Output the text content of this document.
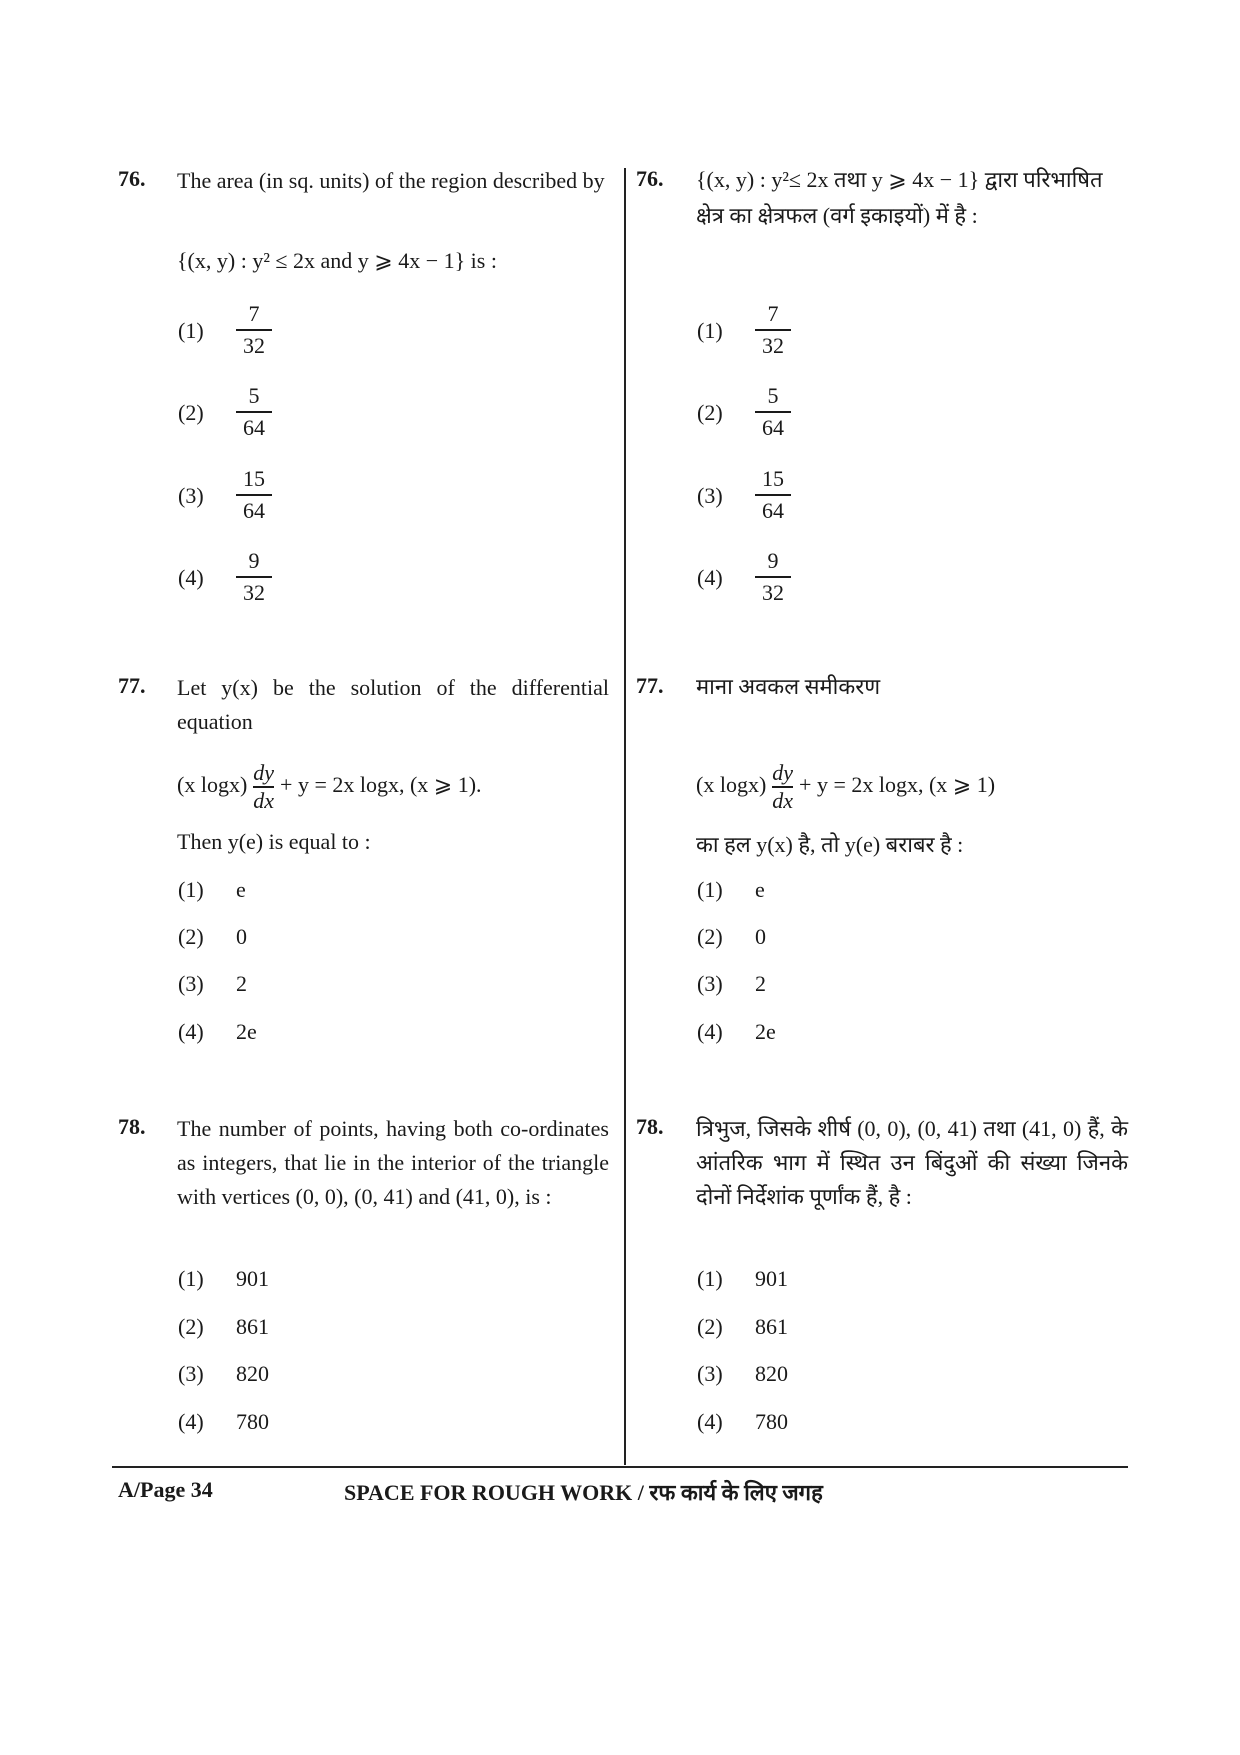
76. The area (in sq. units) of the region described by
{(x, y) : y² ≤ 2x and y ⩾ 4x − 1} is :
(1)
7
32
(2)
5
64
(3)
15
64
(4)
9
32
77. Let y(x) be the solution of the differential equation
(x $\log x) \frac{dy}{dx} + y = 2x$ logx, (x ⩾ 1).
Then y(e) is equal to :
(1) e
(2) 0
(3) 2
(4) 2e
78. The number of points, having both co-ordinates as integers, that lie in the interior of the triangle with vertices (0, 0), (0, 41) and (41, 0), is :
(1) 901
(2) 861
(3) 820
(4) 780
76. {(x, y) : y²≤ 2x तथा y ⩾ 4x − 1} द्वारा परिभाषित
क्षेत्र का क्षेत्रफल (वर्ग इकाइयों) में है :
(1)
7
32
(2)
5
64
(3)
15
64
(4)
9
32
77. माना अवकल समीकरण
(x $\log x) \frac{dy}{dx} + y = 2x$ logx, (x ⩾ 1)
का हल y(x) है, तो y(e) बराबर है :
(1) e
(2) 0
(3) 2
(4) 2e
78. त्रिभुज, जिसके शीर्ष (0, 0), (0, 41) तथा (41, 0) हैं, के आंतरिक भाग में स्थित उन बिंदुओं की संख्या जिनके दोनों निर्देशांक पूर्णांक हैं, है :
(1) 901
(2) 861
(3) 820
(4) 780
A/Page 34	SPACE FOR ROUGH WORK / रफ कार्य के लिए जगह
